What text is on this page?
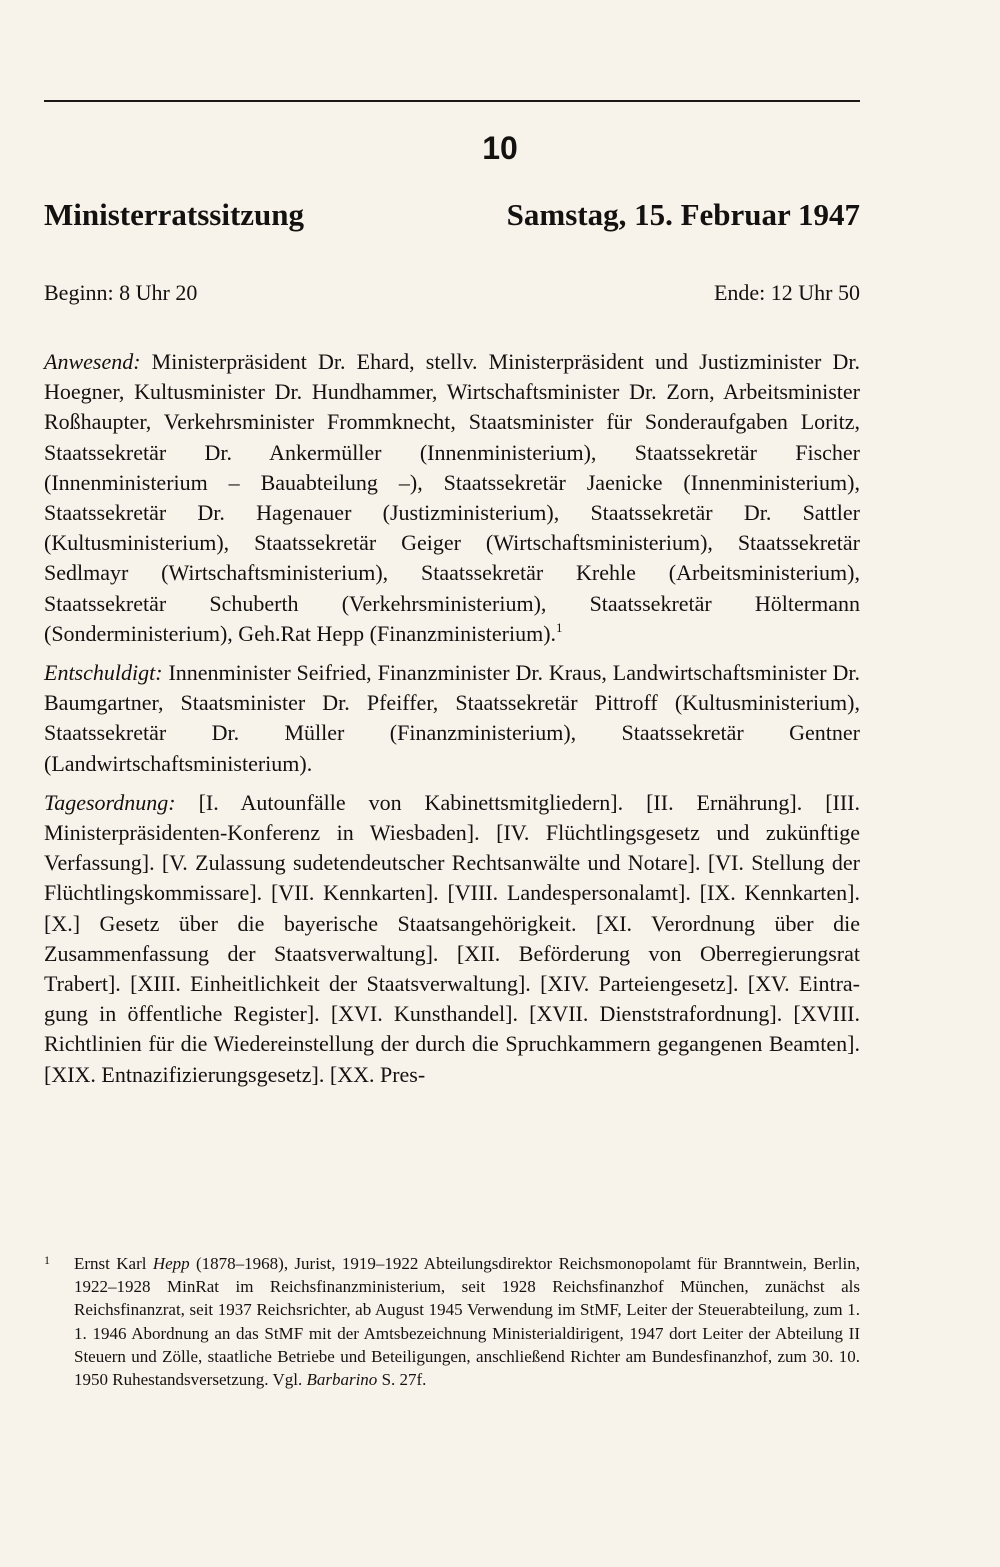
10
Ministerratssitzung	Samstag, 15. Februar 1947
Beginn: 8 Uhr 20	Ende: 12 Uhr 50

Anwesend: Ministerpräsident Dr. Ehard, stellv. Ministerpräsident und Justizminister Dr. Hoegner, Kultusminister Dr. Hundhammer, Wirtschaftsminister Dr. Zorn, Arbeitsminister Roßhaupter, Verkehrsminister Frommknecht, Staatsminister für Sonderaufgaben Loritz, Staatssekretär Dr. Ankermüller (Innenministerium), Staatssekretär Fischer (Innenministerium – Bauabteilung –), Staatssekretär Jaenicke (Innenministerium), Staatssekretär Dr. Hagenauer (Justizministerium), Staatssekretär Dr. Sattler (Kultusministerium), Staatssekretär Geiger (Wirtschaftsministerium), Staatssekretär Sedlmayr (Wirtschaftsministerium), Staatssekretär Krehle (Arbeitsministerium), Staatssekretär Schuberth (Verkehrsministerium), Staatssekretär Höltermann (Sonderministerium), Geh.Rat Hepp (Finanzministerium).$^1$

Entschuldigt: Innenminister Seifried, Finanzminister Dr. Kraus, Landwirtschaftsminister Dr. Baumgartner, Staatsminister Dr. Pfeiffer, Staatssekretär Pittroff (Kultusministerium), Staatssekretär Dr. Müller (Finanzministerium), Staatssekretär Gentner (Landwirtschaftsministerium).

Tagesordnung: [I. Autounfälle von Kabinettsmitgliedern]. [II. Ernährung]. [III. Ministerpräsidenten-Konferenz in Wiesbaden]. [IV. Flüchtlingsgesetz und zukünftige Verfassung]. [V. Zulassung sudetendeutscher Rechtsanwälte und Notare]. [VI. Stellung der Flüchtlingskommissare]. [VII. Kennkarten]. [VIII. Landespersonalamt]. [IX. Kennkarten]. [X.] Gesetz über die bayerische Staatsangehörigkeit. [XI. Verordnung über die Zusammenfassung der Staatsverwaltung]. [XII. Beförderung von Oberregierungsrat Trabert]. [XIII. Einheitlichkeit der Staatsverwaltung]. [XIV. Parteiengesetz]. [XV. Eintragung in öffentliche Register]. [XVI. Kunsthandel]. [XVII. Dienststrafordnung]. [XVIII. Richtlinien für die Wiedereinstellung der durch die Spruchkammern gegangenen Beamten]. [XIX. Entnazifizierungsgesetz]. [XX. Pres-

1 Ernst Karl Hepp (1878–1968), Jurist, 1919–1922 Abteilungsdirektor Reichsmonopolamt für Branntwein, Berlin, 1922–1928 MinRat im Reichsfinanzministerium, seit 1928 Reichsfinanzhof München, zunächst als Reichsfinanzrat, seit 1937 Reichsrichter, ab August 1945 Verwendung im StMF, Leiter der Steuerabteilung, zum 1. 1. 1946 Abordnung an das StMF mit der Amtsbezeichnung Ministerialdirigent, 1947 dort Leiter der Abteilung II Steuern und Zölle, staatliche Betriebe und Beteiligungen, anschließend Richter am Bundesfinanzhof, zum 30. 10. 1950 Ruhestandsversetzung. Vgl. Barbarino S. 27f.
